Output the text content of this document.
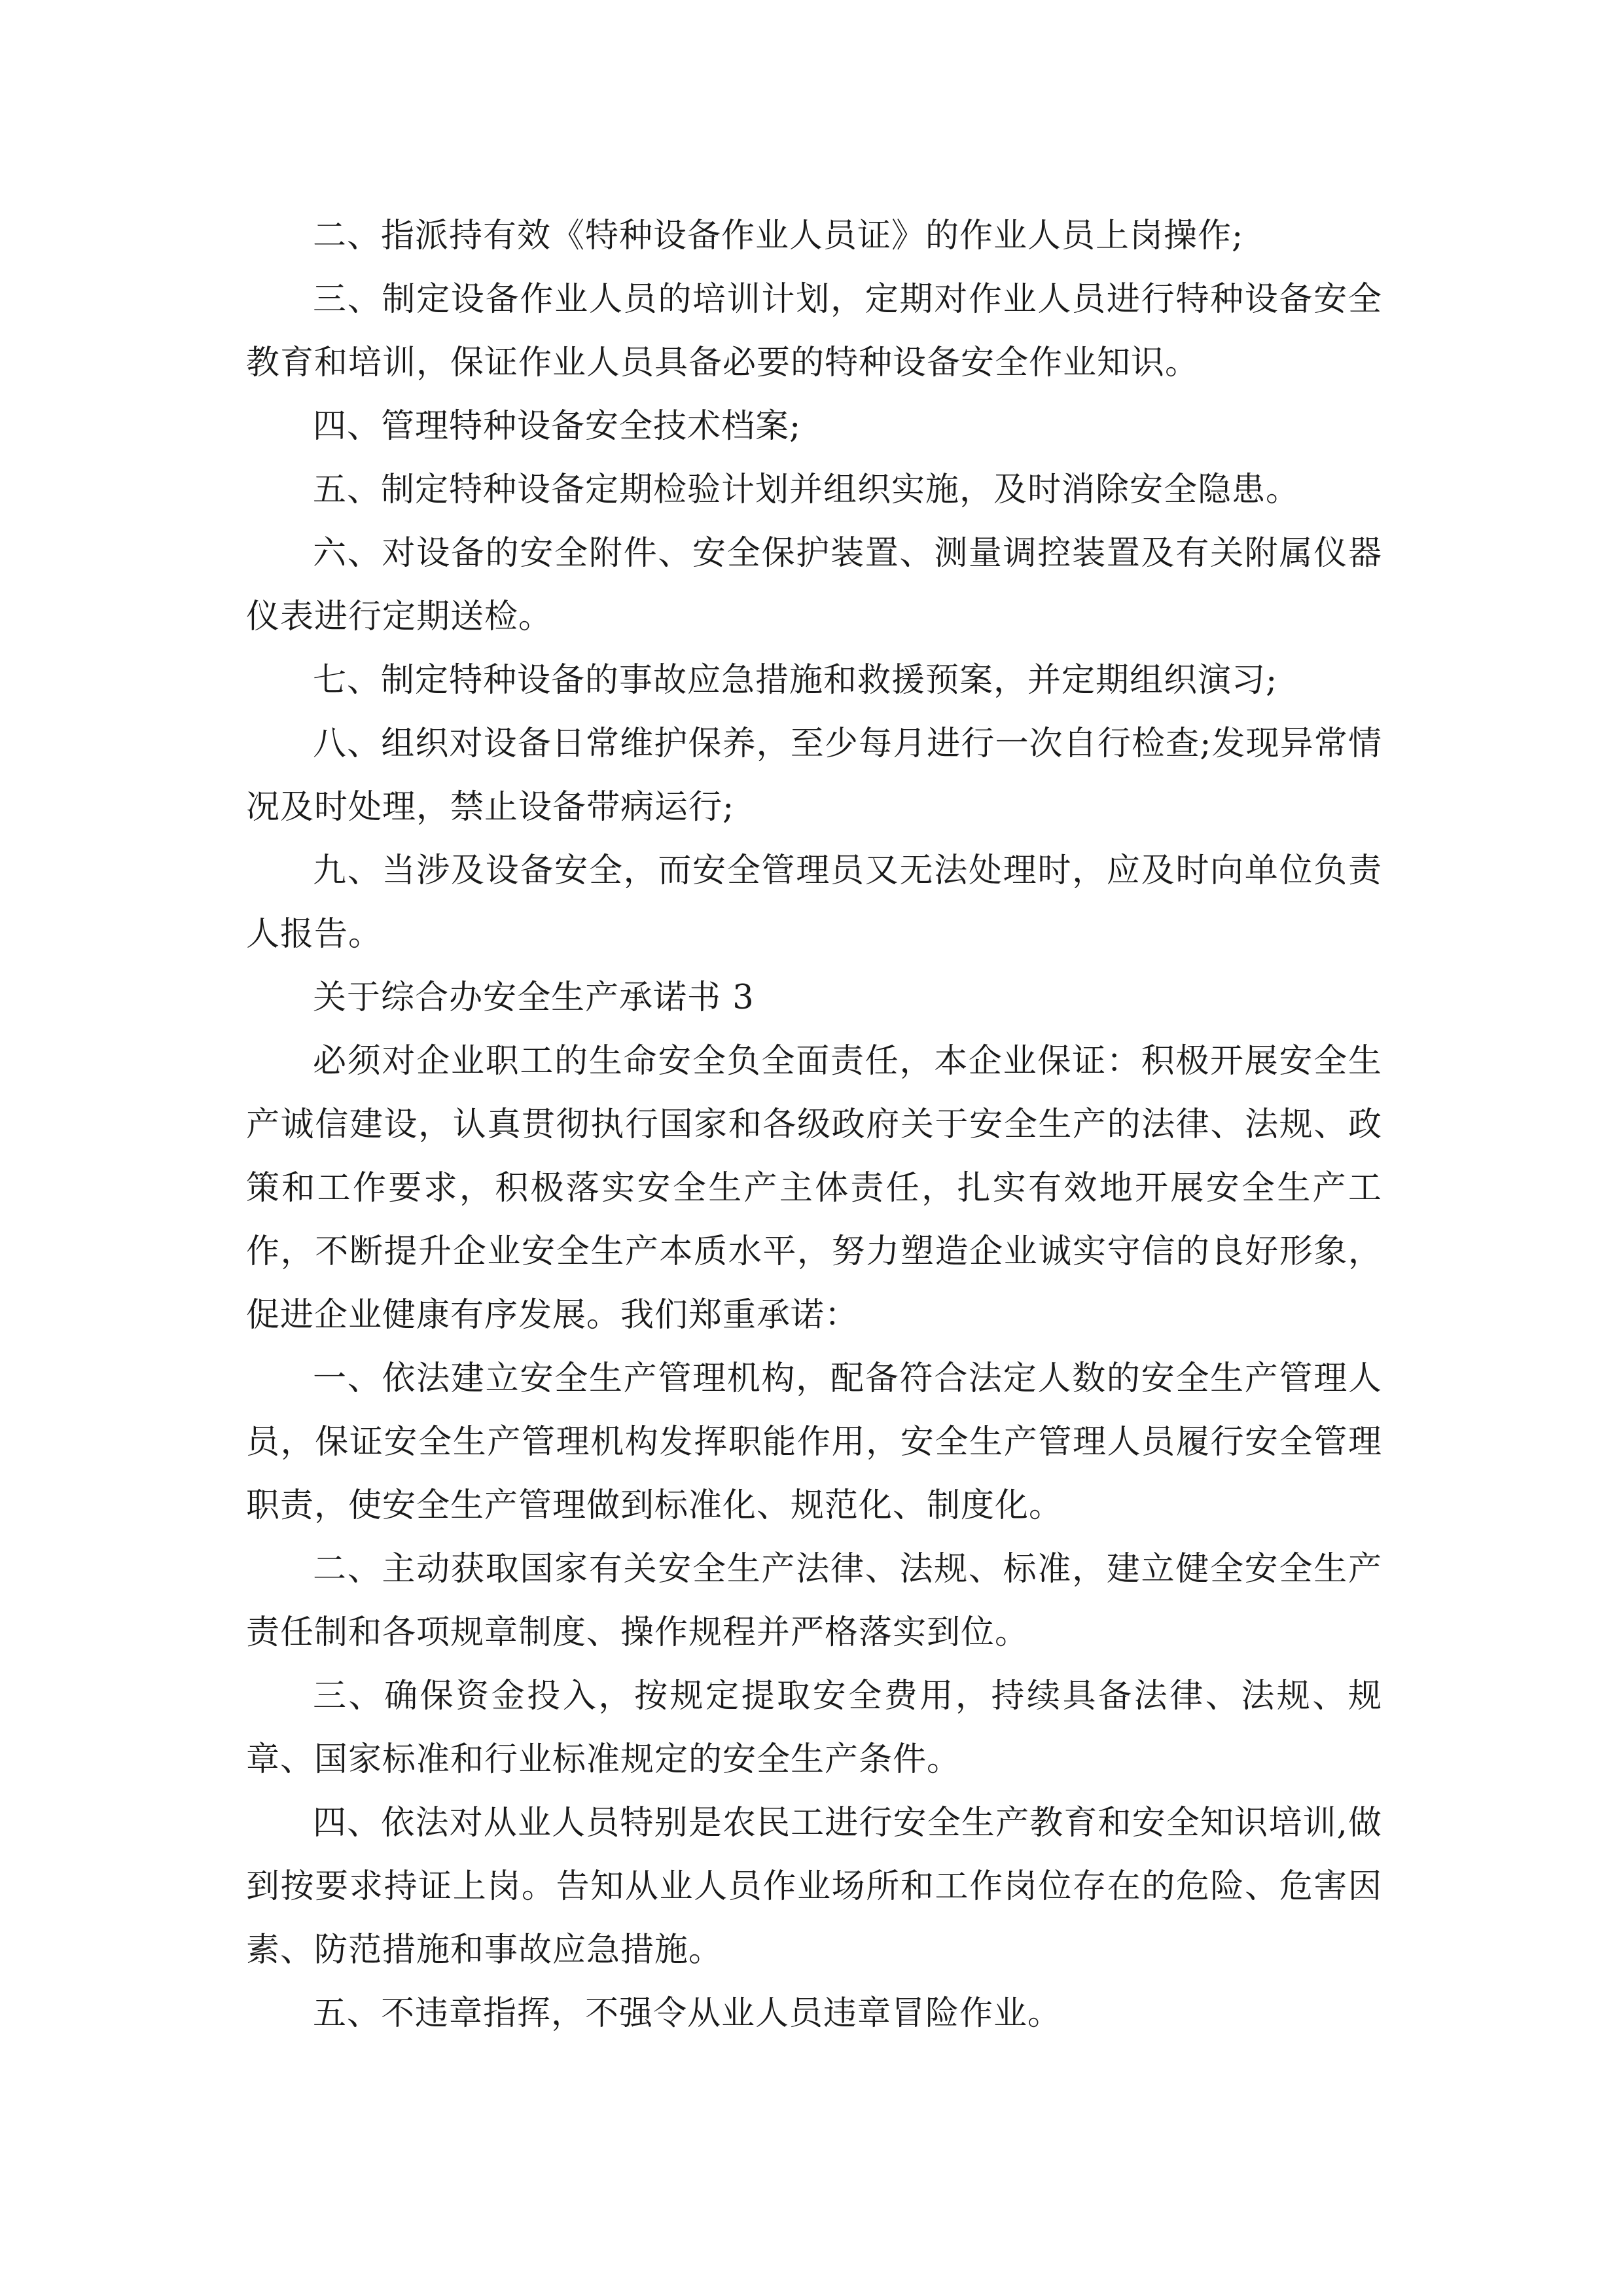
二、指派持有效《特种设备作业人员证》的作业人员上岗操作;

三、制定设备作业人员的培训计划，定期对作业人员进行特种设备安全教育和培训，保证作业人员具备必要的特种设备安全作业知识。

四、管理特种设备安全技术档案;

五、制定特种设备定期检验计划并组织实施，及时消除安全隐患。

六、对设备的安全附件、安全保护装置、测量调控装置及有关附属仪器仪表进行定期送检。

七、制定特种设备的事故应急措施和救援预案，并定期组织演习;

八、组织对设备日常维护保养，至少每月进行一次自行检查;发现异常情况及时处理，禁止设备带病运行;

九、当涉及设备安全，而安全管理员又无法处理时，应及时向单位负责人报告。

关于综合办安全生产承诺书 3

必须对企业职工的生命安全负全面责任，本企业保证：积极开展安全生产诚信建设，认真贯彻执行国家和各级政府关于安全生产的法律、法规、政策和工作要求，积极落实安全生产主体责任，扎实有效地开展安全生产工作，不断提升企业安全生产本质水平，努力塑造企业诚实守信的良好形象，促进企业健康有序发展。我们郑重承诺：

一、依法建立安全生产管理机构，配备符合法定人数的安全生产管理人员，保证安全生产管理机构发挥职能作用，安全生产管理人员履行安全管理职责，使安全生产管理做到标准化、规范化、制度化。

二、主动获取国家有关安全生产法律、法规、标准，建立健全安全生产责任制和各项规章制度、操作规程并严格落实到位。

三、确保资金投入，按规定提取安全费用，持续具备法律、法规、规章、国家标准和行业标准规定的安全生产条件。

四、依法对从业人员特别是农民工进行安全生产教育和安全知识培训,做到按要求持证上岗。告知从业人员作业场所和工作岗位存在的危险、危害因素、防范措施和事故应急措施。

五、不违章指挥，不强令从业人员违章冒险作业。
